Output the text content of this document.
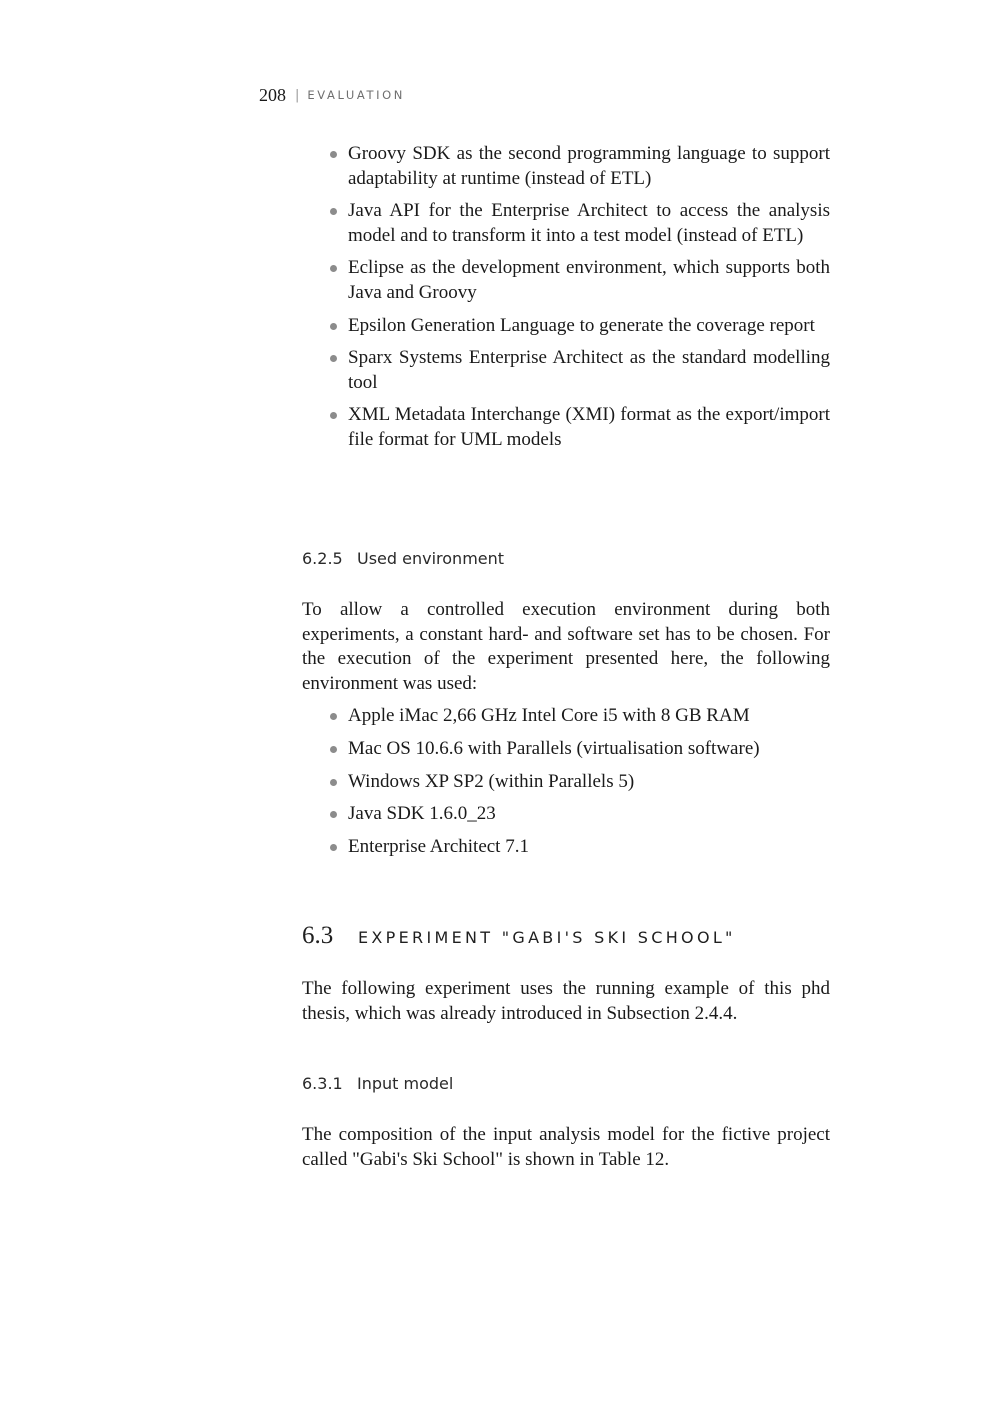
208 | EVALUATION
Groovy SDK as the second programming language to support adaptability at runtime (instead of ETL)
Java API for the Enterprise Architect to access the analysis model and to transform it into a test model (instead of ETL)
Eclipse as the development environment, which supports both Java and Groovy
Epsilon Generation Language to generate the coverage report
Sparx Systems Enterprise Architect as the standard modelling tool
XML Metadata Interchange (XMI) format as the export/import file format for UML models

6.2.5 Used environment

To allow a controlled execution environment during both experiments, a constant hard- and software set has to be chosen. For the execution of the experiment presented here, the following environment was used:

Apple iMac 2,66 GHz Intel Core i5 with 8 GB RAM
Mac OS 10.6.6 with Parallels (virtualisation software)
Windows XP SP2 (within Parallels 5)
Java SDK 1.6.0_23
Enterprise Architect 7.1

6.3 EXPERIMENT "GABI'S SKI SCHOOL"

The following experiment uses the running example of this phd thesis, which was already introduced in Subsection 2.4.4.

6.3.1 Input model

The composition of the input analysis model for the fictive project called "Gabi's Ski School" is shown in Table 12.
